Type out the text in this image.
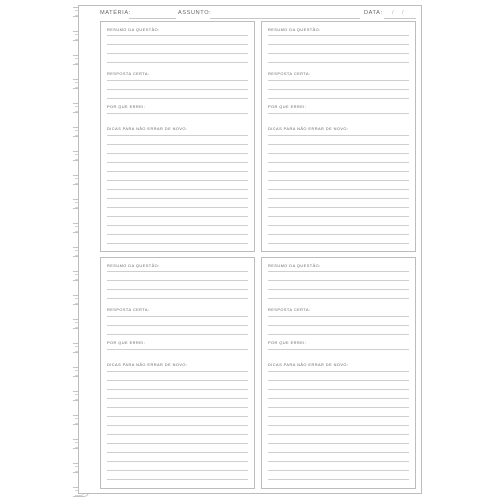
MATÉRIA:	ASSUNTO:	DATA: / /
RESUMO DA QUESTÃO:
RESPOSTA CERTA:
POR QUE ERREI:
DICAS PARA NÃO ERRAR DE NOVO:
RESUMO DA QUESTÃO:
RESPOSTA CERTA:
POR QUE ERREI:
DICAS PARA NÃO ERRAR DE NOVO:
RESUMO DA QUESTÃO:
RESPOSTA CERTA:
POR QUE ERREI:
DICAS PARA NÃO ERRAR DE NOVO:
RESUMO DA QUESTÃO:
RESPOSTA CERTA:
POR QUE ERREI:
DICAS PARA NÃO ERRAR DE NOVO:
